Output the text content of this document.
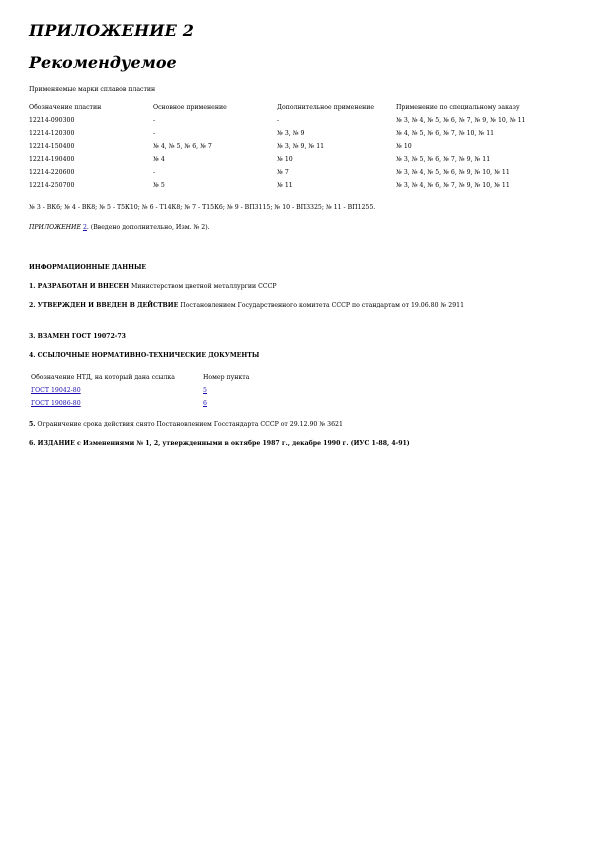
ПРИЛОЖЕНИЕ 2
Рекомендуемое
Применяемые марки сплавов пластин
Обозначение пластин	Основное применение	Дополнительное применение	Применение по специальному заказу
12214-090300	-	-	№ 3, № 4, № 5, № 6, № 7, № 9, № 10, № 11
12214-120300	-	№ 3, № 9	№ 4, № 5, № 6, № 7, № 10, № 11
12214-150400	№ 4, № 5, № 6, № 7	№ 3, № 9, № 11	№ 10
12214-190400	№ 4	№ 10	№ 3, № 5, № 6, № 7, № 9, № 11
12214-220600	-	№ 7	№ 3, № 4, № 5, № 6, № 9, № 10, № 11
12214-250700	№ 5	№ 11	№ 3, № 4, № 6, № 7, № 9, № 10, № 11
№ 3 - ВК6; № 4 - ВК8; № 5 - Т5К10; № 6 - Т14К8; № 7 - Т15К6; № 9 - ВП3115; № 10 - ВП3325; № 11 - ВП1255.
ПРИЛОЖЕНИЕ 2. (Введено дополнительно, Изм. № 2).
ИНФОРМАЦИОННЫЕ ДАННЫЕ
1. РАЗРАБОТАН И ВНЕСЕН Министерством цветной металлургии СССР
2. УТВЕРЖДЕН И ВВЕДЕН В ДЕЙСТВИЕ Постановлением Государственного комитета СССР по стандартам от 19.06.80 № 2911
3. ВЗАМЕН ГОСТ 19072-73
4. ССЫЛОЧНЫЕ НОРМАТИВНО-ТЕХНИЧЕСКИЕ ДОКУМЕНТЫ
Обозначение НТД, на который дана ссылка	Номер пункта
ГОСТ 19042-80	5
ГОСТ 19086-80	6
5. Ограничение срока действия снято Постановлением Госстандарта СССР от 29.12.90 № 3621
6. ИЗДАНИЕ с Изменениями № 1, 2, утвержденными в октябре 1987 г., декабре 1990 г. (ИУС 1-88, 4-91)
